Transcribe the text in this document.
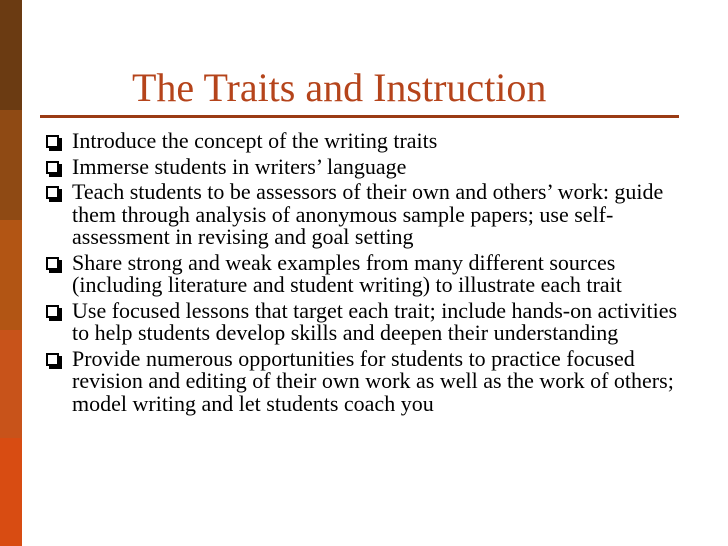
The Traits and Instruction
Introduce the concept of the writing traits
Immerse students in writers’ language
Teach students to be assessors of their own and others’ work: guide them through analysis of anonymous sample papers; use self-assessment in revising and goal setting
Share strong and weak examples from many different sources (including literature and student writing) to illustrate each trait
Use focused lessons that target each trait; include hands-on activities to help students develop skills and deepen their understanding
Provide numerous opportunities for students to practice focused revision and editing of their own work as well as the work of others; model writing and let students coach you
